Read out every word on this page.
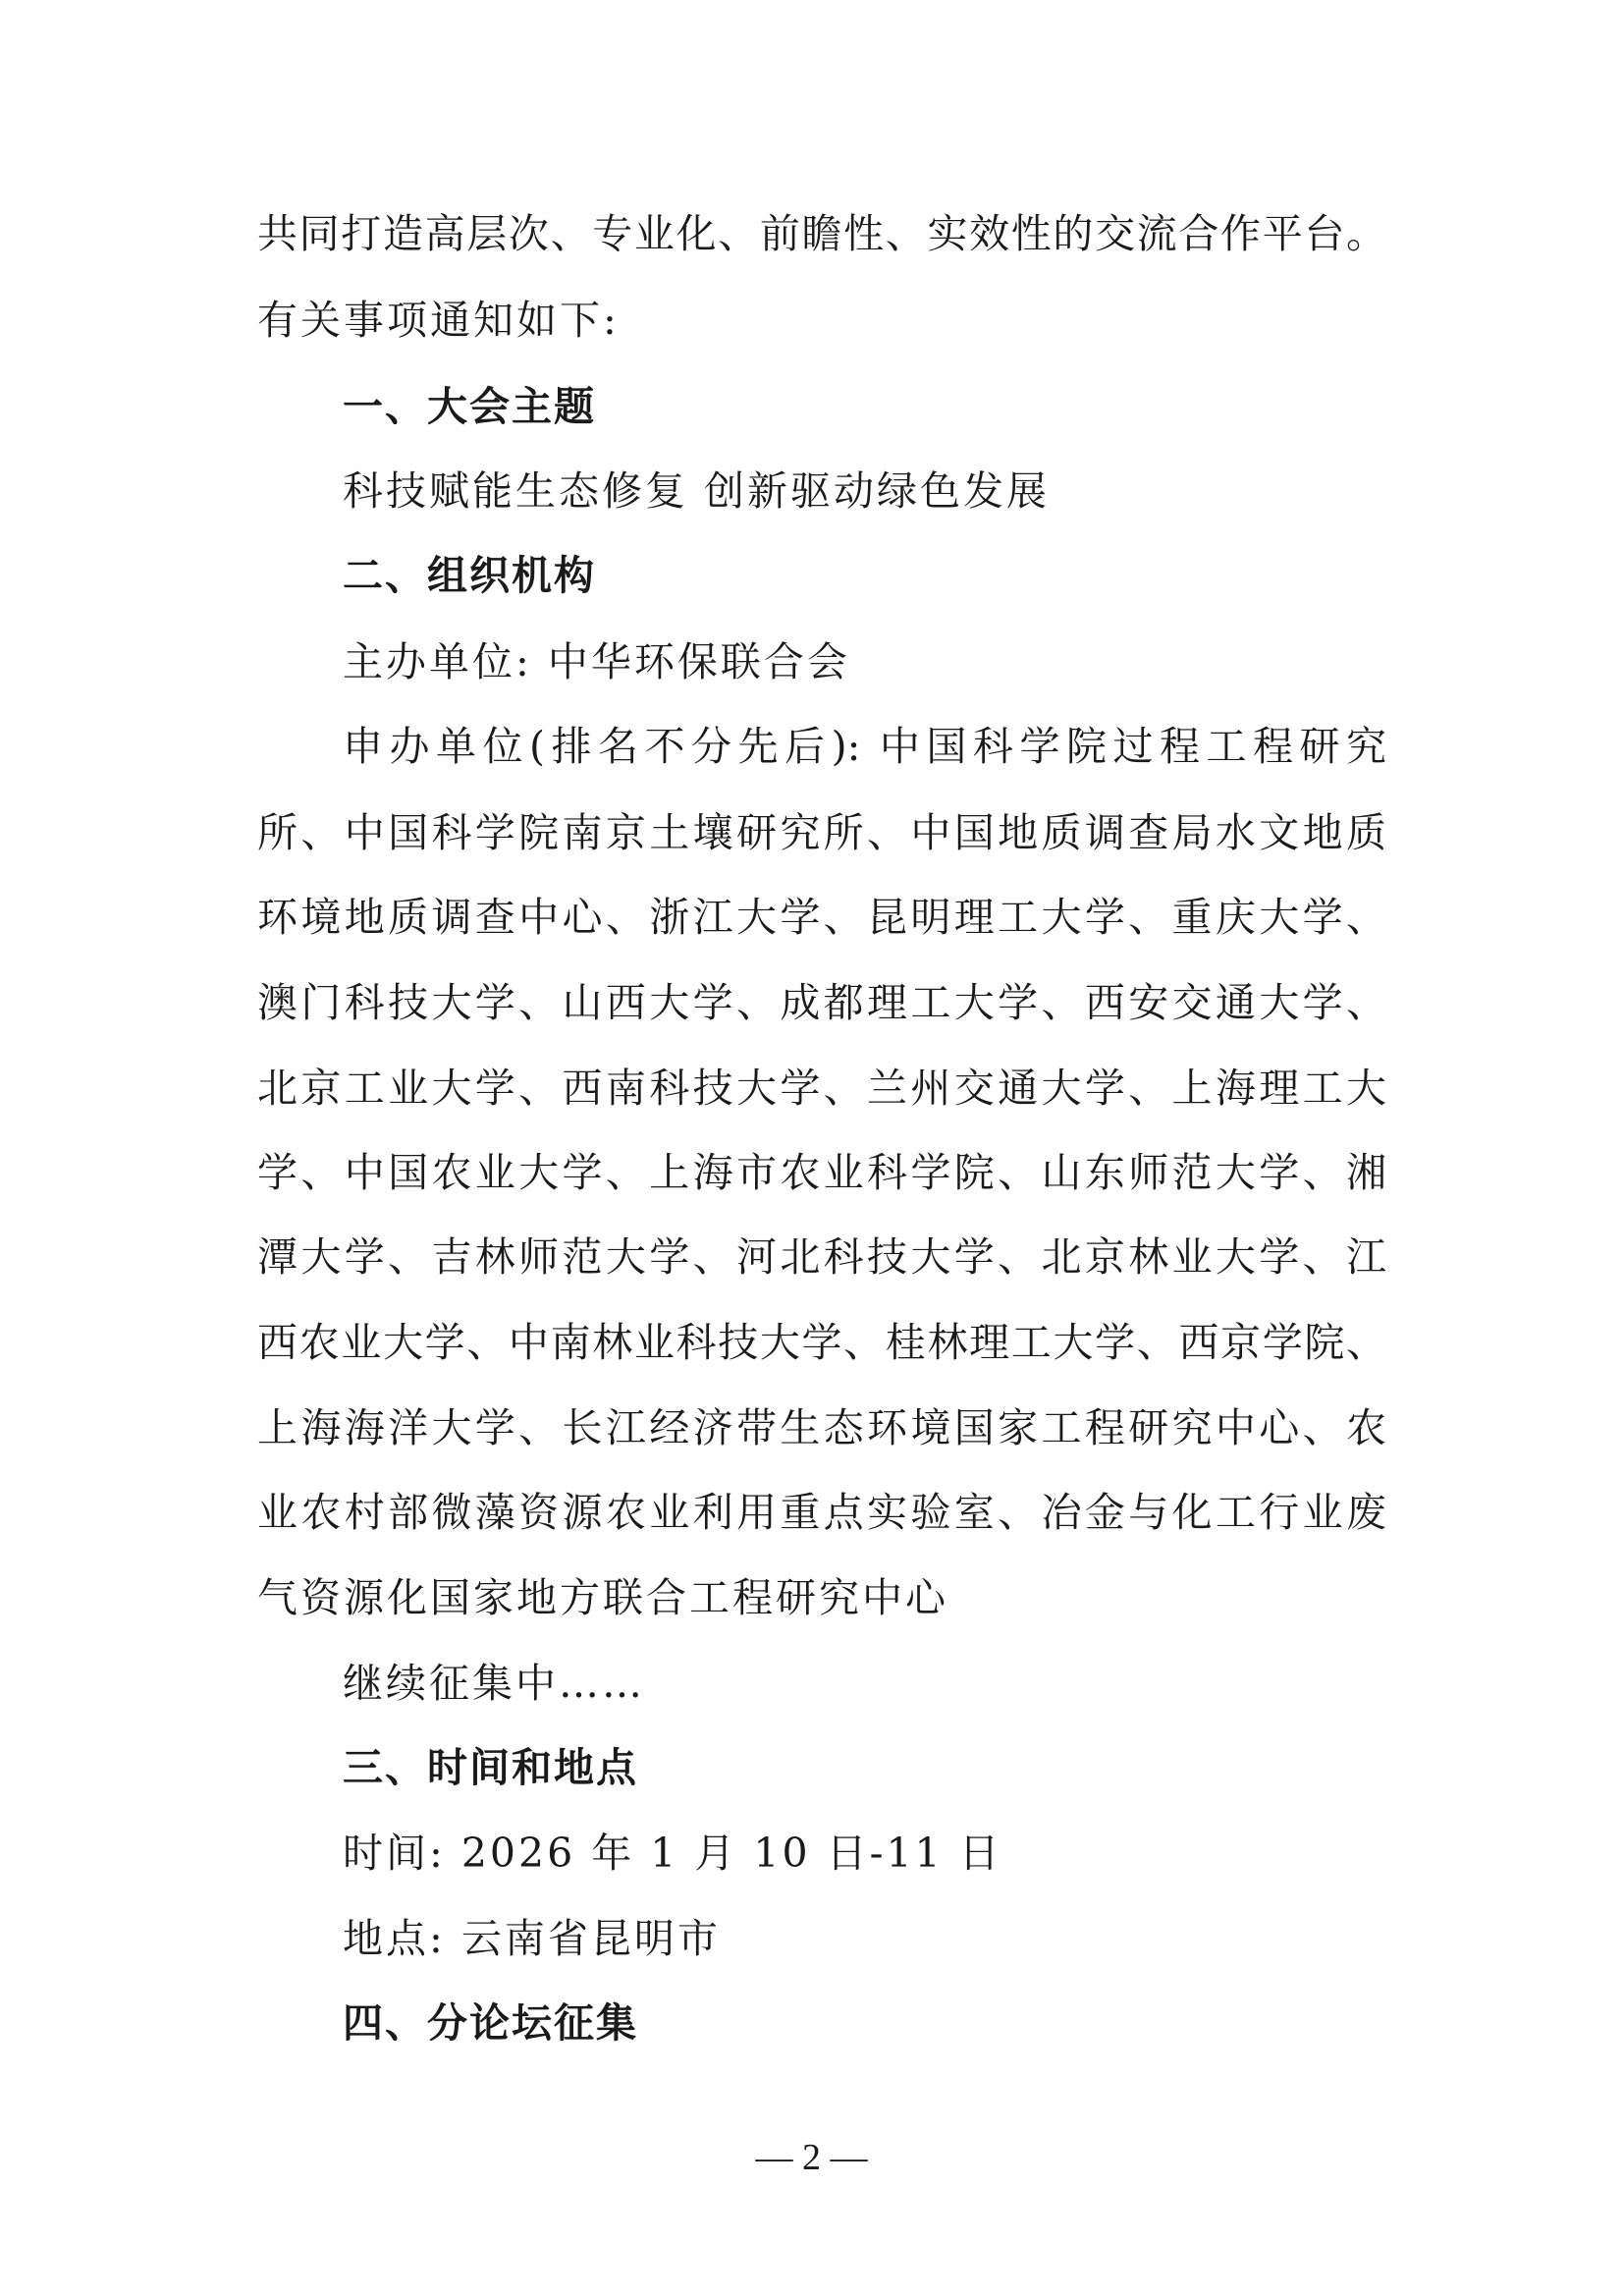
共同打造高层次、专业化、前瞻性、实效性的交流合作平台。
有关事项通知如下:
一、大会主题
科技赋能生态修复 创新驱动绿色发展
二、组织机构
主办单位: 中华环保联合会
申办单位(排名不分先后): 中国科学院过程工程研究
所、中国科学院南京土壤研究所、中国地质调查局水文地质
环境地质调查中心、浙江大学、昆明理工大学、重庆大学、
澳门科技大学、山西大学、成都理工大学、西安交通大学、
北京工业大学、西南科技大学、兰州交通大学、上海理工大
学、中国农业大学、上海市农业科学院、山东师范大学、湘
潭大学、吉林师范大学、河北科技大学、北京林业大学、江
西农业大学、中南林业科技大学、桂林理工大学、西京学院、
上海海洋大学、长江经济带生态环境国家工程研究中心、农
业农村部微藻资源农业利用重点实验室、冶金与化工行业废
气资源化国家地方联合工程研究中心
继续征集中……
三、时间和地点
时间: 2026 年 1 月 10 日-11 日
地点: 云南省昆明市
四、分论坛征集
— 2 —
